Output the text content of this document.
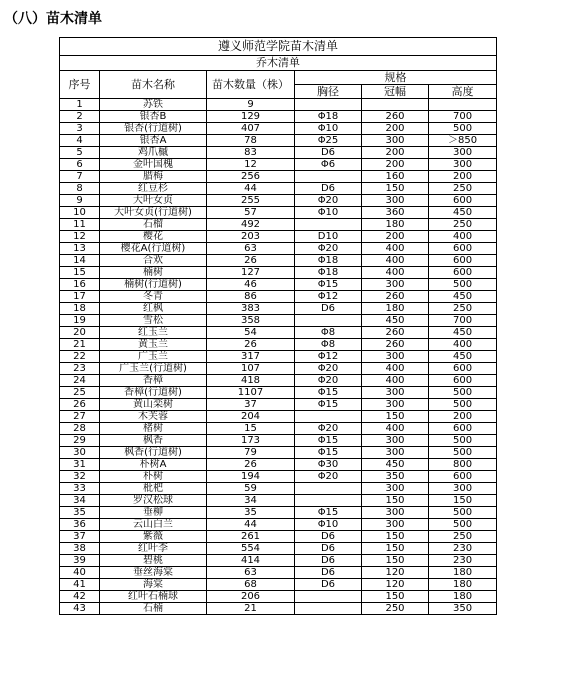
（八）苗木清单
遵义师范学院苗木清单					
乔木清单					
序号	苗木名称	苗木数量（株）	规格		
			胸径	冠幅	高度
1	苏铁	9			
2	银杏B	129	Φ18	260	700
3	银杏(行道树)	407	Φ10	200	500
4	银杏A	78	Φ25	300	＞850
5	鸡爪槭	83	D6	200	300
6	金叶国槐	12	Φ6	200	300
7	腊梅	256		160	200
8	红豆杉	44	D6	150	250
9	大叶女贞	255	Φ20	300	600
10	大叶女贞(行道树)	57	Φ10	360	450
11	石榴	492		180	250
12	樱花	203	D10	200	400
13	樱花A(行道树)	63	Φ20	400	600
14	合欢	26	Φ18	400	600
15	楠树	127	Φ18	400	600
16	楠树(行道树)	46	Φ15	300	500
17	冬青	86	Φ12	260	450
18	红枫	383	D6	180	250
19	雪松	358		450	700
20	红玉兰	54	Φ8	260	450
21	黄玉兰	26	Φ8	260	400
22	广玉兰	317	Φ12	300	450
23	广玉兰(行道树)	107	Φ20	400	600
24	香樟	418	Φ20	400	600
25	香樟(行道树)	1107	Φ15	300	500
26	黄山栾树	37	Φ15	300	500
27	木芙蓉	204		150	200
28	楮树	15	Φ20	400	600
29	枫香	173	Φ15	300	500
30	枫香(行道树)	79	Φ15	300	500
31	朴树A	26	Φ30	450	800
32	朴树	194	Φ20	350	600
33	枇杷	59		300	300
34	罗汉松球	34		150	150
35	垂柳	35	Φ15	300	500
36	云山白兰	44	Φ10	300	500
37	紫薇	261	D6	150	250
38	红叶李	554	D6	150	230
39	碧桃	414	D6	150	230
40	垂丝海棠	63	D6	120	180
41	海棠	68	D6	120	180
42	红叶石楠球	206		150	180
43	石楠	21		250	350
